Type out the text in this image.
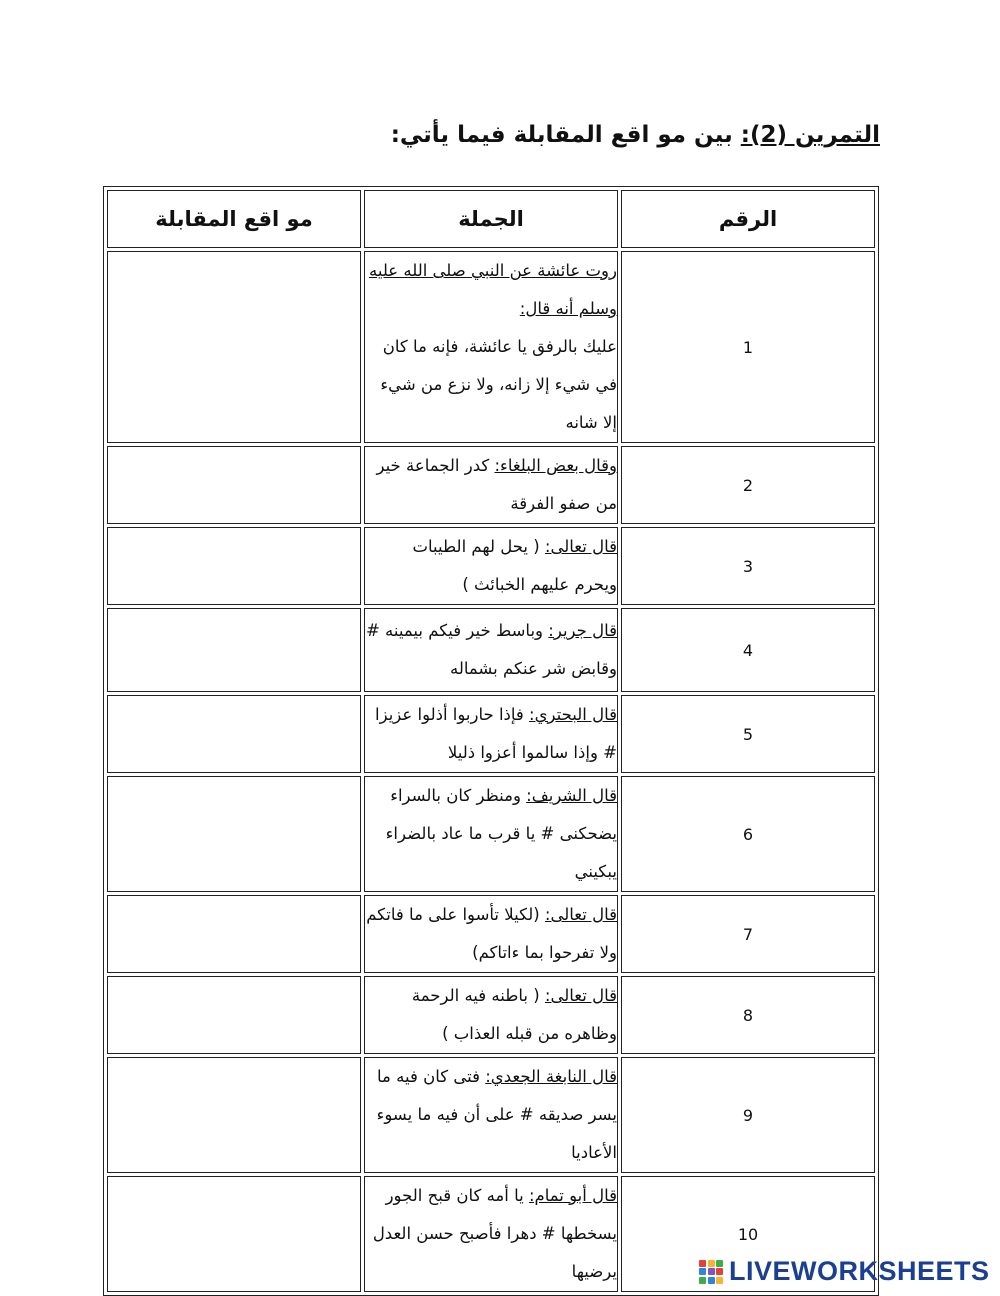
التمرين (2): بين مو اقع المقابلة فيما يأتي:
الرقم	الجملة	مو اقع المقابلة
1	روت عائشة عن النبي صلى الله عليه وسلم أنه قال:
عليك بالرفق يا عائشة، فإنه ما كان في شيء إلا زانه، ولا نزع من شيء إلا شانه	
2	وقال بعض البلغاء: كدر الجماعة خير من صفو الفرقة	
3	قال تعالى: ( يحل لهم الطيبات ويحرم عليهم الخبائث )	
4	قال جرير: وباسط خير فيكم بيمينه # وقابض شر عنكم بشماله	
5	قال البحتري: فإذا حاربوا أذلوا عزيزا # وإذا سالموا أعزوا ذليلا	
6	قال الشريف: ومنظر كان بالسراء يضحكنى # يا قرب ما عاد بالضراء يبكيني	
7	قال تعالى: (لكيلا تأسوا على ما فاتكم ولا تفرحوا بما ءاتاكم)	
8	قال تعالى: ( باطنه فيه الرحمة وظاهره من قبله العذاب )	
9	قال النابغة الجعدي: فتى كان فيه ما يسر صديقه # على أن فيه ما يسوء الأعاديا	
10	قال أبو تمام: يا أمه كان قبح الجور يسخطها # دهرا فأصبح حسن العدل يرضيها		LIVEWORKSHEETS
